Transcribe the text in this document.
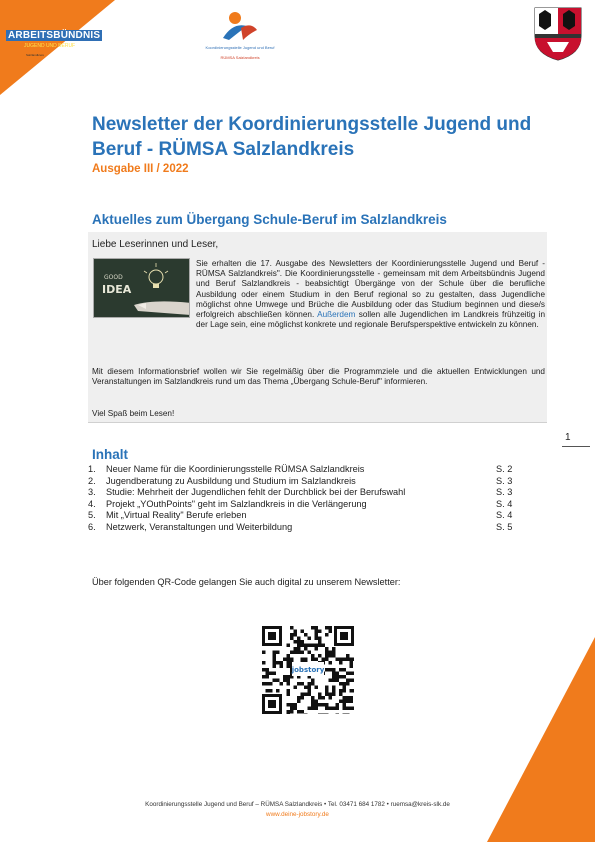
ARBEITSBÜNDNIS
JUGEND UND BERUF
Salzlandkreis
Koordinierungsstelle Jugend und Beruf
RÜMSA Salzlandkreis
Newsletter der Koordinierungsstelle Jugend und Beruf - RÜMSA Salzlandkreis
Ausgabe III / 2022
Aktuelles zum Übergang Schule-Beruf im Salzlandkreis
Liebe Leserinnen und Leser,
GOOD
IDEA
Sie erhalten die 17. Ausgabe des Newsletters der Koordinierungsstelle Jugend und Beruf - RÜMSA Salzlandkreis". Die Koordinierungsstelle - gemeinsam mit dem Arbeitsbündnis Jugend und Beruf Salzlandkreis - beabsichtigt Übergänge von der Schule über die berufliche Ausbildung oder einem Studium in den Beruf regional so zu gestalten, dass Jugendliche möglichst ohne Umwege und Brüche die Ausbildung oder das Studium beginnen und diese/s erfolgreich abschließen können. Außerdem sollen alle Jugendlichen im Landkreis frühzeitig in der Lage sein, eine möglichst konkrete und regionale Berufsperspektive entwickeln zu können.
Mit diesem Informationsbrief wollen wir Sie regelmäßig über die Programmziele und die aktuellen Entwicklungen und Veranstaltungen im Salzlandkreis rund um das Thema „Übergang Schule-Beruf" informieren.
Viel Spaß beim Lesen!
1
Inhalt
1. Neuer Name für die Koordinierungsstelle RÜMSA Salzlandkreis	S. 2
2. Jugendberatung zu Ausbildung und Studium im Salzlandkreis	S. 3
3. Studie: Mehrheit der Jugendlichen fehlt der Durchblick bei der Berufswahl	S. 3
4. Projekt „YOuthPoints" geht im Salzlandkreis in die Verlängerung	S. 4
5. Mit „Virtual Reality" Berufe erleben	S. 4
6. Netzwerk, Veranstaltungen und Weiterbildung	S. 5
Über folgenden QR-Code gelangen Sie auch digital zu unserem Newsletter:
jobstory
Koordinierungsstelle Jugend und Beruf – RÜMSA Salzlandkreis • Tel. 03471 684 1782 • ruemsa@kreis-slk.de
www.deine-jobstory.de
